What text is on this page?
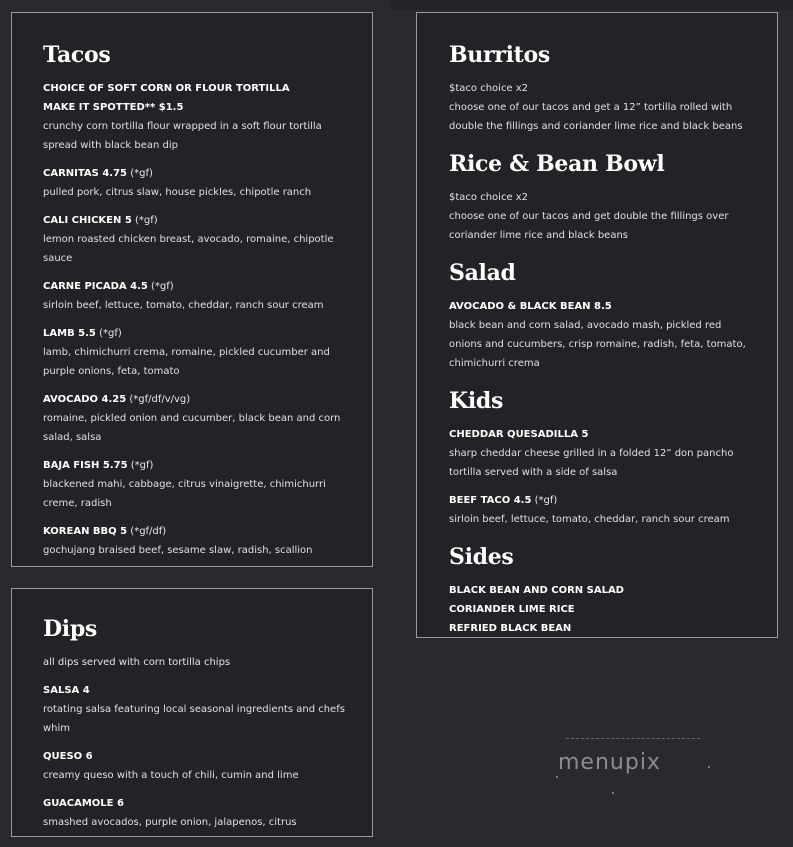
Tacos
CHOICE OF SOFT CORN OR FLOUR TORTILLA
MAKE IT SPOTTED** $1.5
crunchy corn tortilla flour wrapped in a soft flour tortilla spread with black bean dip
CARNITAS 4.75 (*gf)
pulled pork, citrus slaw, house pickles, chipotle ranch
CALI CHICKEN 5 (*gf)
lemon roasted chicken breast, avocado, romaine, chipotle sauce
CARNE PICADA 4.5 (*gf)
sirloin beef, lettuce, tomato, cheddar, ranch sour cream
LAMB 5.5 (*gf)
lamb, chimichurri crema, romaine, pickled cucumber and purple onions, feta, tomato
AVOCADO 4.25 (*gf/df/v/vg)
romaine, pickled onion and cucumber, black bean and corn salad, salsa
BAJA FISH 5.75 (*gf)
blackened mahi, cabbage, citrus vinaigrette, chimichurri creme, radish
KOREAN BBQ 5 (*gf/df)
gochujang braised beef, sesame slaw, radish, scallion
Dips
all dips served with corn tortilla chips
SALSA 4
rotating salsa featuring local seasonal ingredients and chefs whim
QUESO 6
creamy queso with a touch of chili, cumin and lime
GUACAMOLE 6
smashed avocados, purple onion, jalapenos, citrus
Burritos
$taco choice x2
choose one of our tacos and get a 12” tortilla rolled with double the fillings and coriander lime rice and black beans
Rice & Bean Bowl
$taco choice x2
choose one of our tacos and get double the fillings over coriander lime rice and black beans
Salad
AVOCADO & BLACK BEAN 8.5
black bean and corn salad, avocado mash, pickled red onions and cucumbers, crisp romaine, radish, feta, tomato, chimichurri crema
Kids
CHEDDAR QUESADILLA 5
sharp cheddar cheese grilled in a folded 12” don pancho tortilla served with a side of salsa
BEEF TACO 4.5 (*gf)
sirloin beef, lettuce, tomato, cheddar, ranch sour cream
Sides
BLACK BEAN AND CORN SALAD
CORIANDER LIME RICE
REFRIED BLACK BEAN
menupix
